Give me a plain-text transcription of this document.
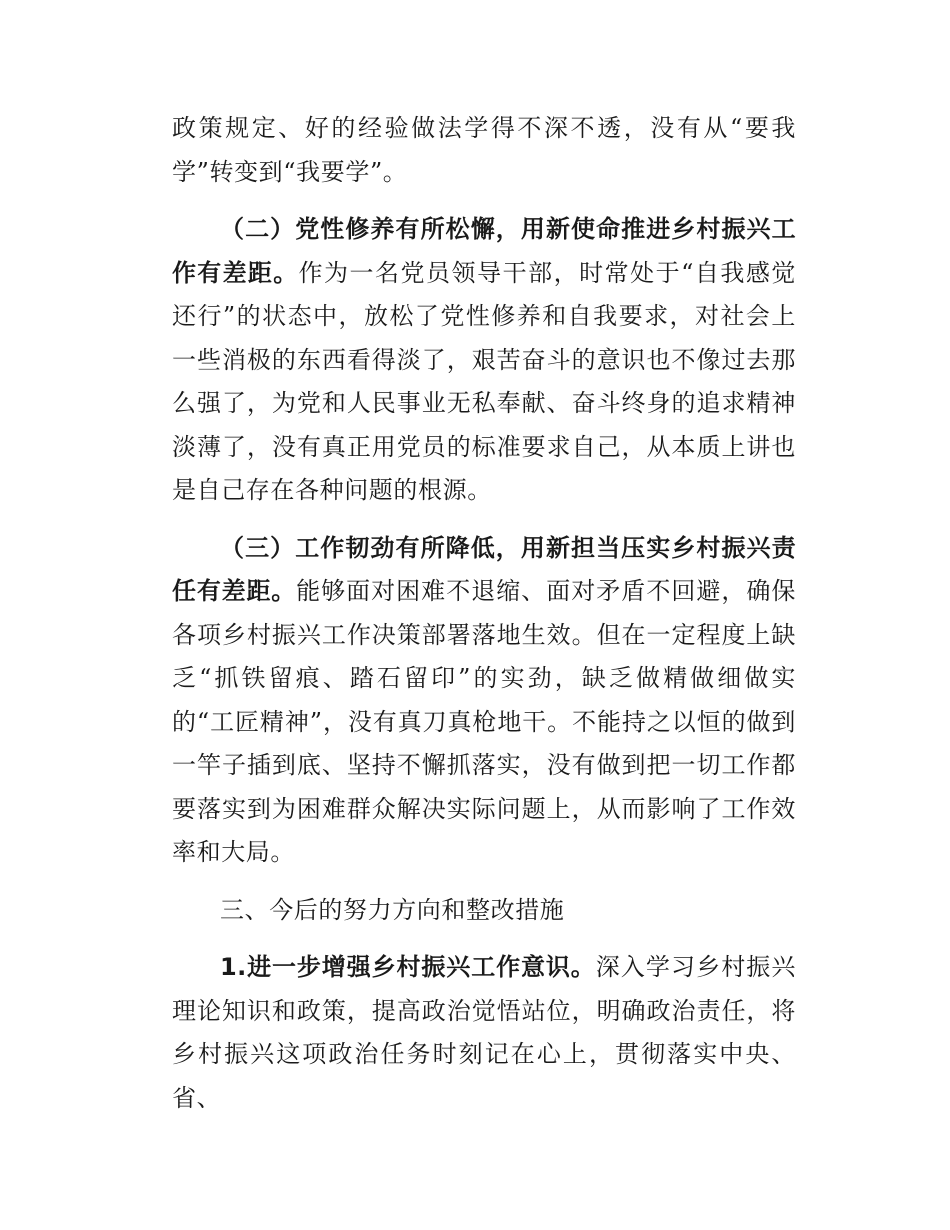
政策规定、好的经验做法学得不深不透，没有从“要我学”转变到“我要学”。

（二）党性修养有所松懈，用新使命推进乡村振兴工作有差距。作为一名党员领导干部，时常处于“自我感觉还行”的状态中，放松了党性修养和自我要求，对社会上一些消极的东西看得淡了，艰苦奋斗的意识也不像过去那么强了，为党和人民事业无私奉献、奋斗终身的追求精神淡薄了，没有真正用党员的标准要求自己，从本质上讲也是自己存在各种问题的根源。

（三）工作韧劲有所降低，用新担当压实乡村振兴责任有差距。能够面对困难不退缩、面对矛盾不回避，确保各项乡村振兴工作决策部署落地生效。但在一定程度上缺乏“抓铁留痕、踏石留印”的实劲，缺乏做精做细做实的“工匠精神”，没有真刀真枪地干。不能持之以恒的做到一竿子插到底、坚持不懈抓落实，没有做到把一切工作都要落实到为困难群众解决实际问题上，从而影响了工作效率和大局。

三、今后的努力方向和整改措施

1.进一步增强乡村振兴工作意识。深入学习乡村振兴理论知识和政策，提高政治觉悟站位，明确政治责任，将乡村振兴这项政治任务时刻记在心上，贯彻落实中央、省、
